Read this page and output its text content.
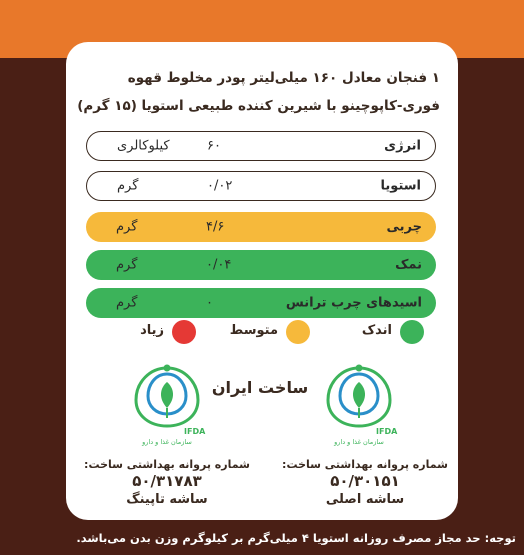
۱ فنجان معادل ۱۶۰ میلی‌لیتر پودر مخلوط قهوه
فوری-کاپوچینو با شیرین کننده طبیعی استویا (۱۵ گرم)
انرژی
۶۰
کیلوکالری
استویا
۰/۰۲
گرم
چربی
۴/۶
گرم
نمک
۰/۰۴
گرم
اسیدهای چرب ترانس
۰
گرم
اندک
متوسط
زیاد
ساخت ایران
IFDA
سازمان غذا و دارو
IFDA
سازمان غذا و دارو
شماره پروانه بهداشتی ساخت:
۵۰/۳۱۷۸۳
ساشه تاپینگ
شماره پروانه بهداشتی ساخت:
۵۰/۳۰۱۵۱
ساشه اصلی
توجه: حد مجاز مصرف روزانه استویا ۴ میلی‌گرم بر کیلوگرم وزن بدن می‌باشد.
